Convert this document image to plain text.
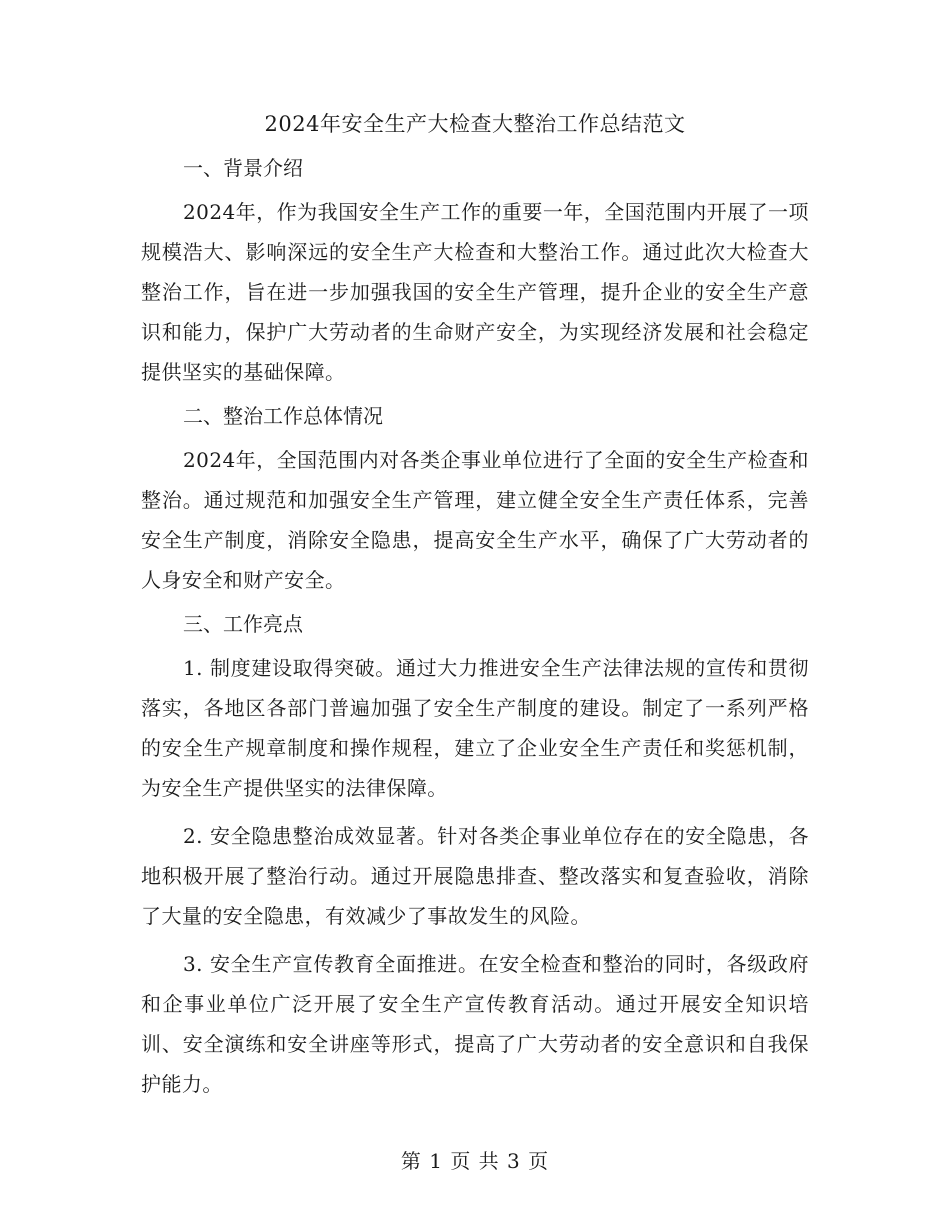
2024年安全生产大检查大整治工作总结范文
一、背景介绍

2024年，作为我国安全生产工作的重要一年，全国范围内开展了一项规模浩大、影响深远的安全生产大检查和大整治工作。通过此次大检查大整治工作，旨在进一步加强我国的安全生产管理，提升企业的安全生产意识和能力，保护广大劳动者的生命财产安全，为实现经济发展和社会稳定提供坚实的基础保障。

二、整治工作总体情况

2024年，全国范围内对各类企事业单位进行了全面的安全生产检查和整治。通过规范和加强安全生产管理，建立健全安全生产责任体系，完善安全生产制度，消除安全隐患，提高安全生产水平，确保了广大劳动者的人身安全和财产安全。

三、工作亮点

1. 制度建设取得突破。通过大力推进安全生产法律法规的宣传和贯彻落实，各地区各部门普遍加强了安全生产制度的建设。制定了一系列严格的安全生产规章制度和操作规程，建立了企业安全生产责任和奖惩机制，为安全生产提供坚实的法律保障。

2. 安全隐患整治成效显著。针对各类企事业单位存在的安全隐患，各地积极开展了整治行动。通过开展隐患排查、整改落实和复查验收，消除了大量的安全隐患，有效减少了事故发生的风险。

3. 安全生产宣传教育全面推进。在安全检查和整治的同时，各级政府和企事业单位广泛开展了安全生产宣传教育活动。通过开展安全知识培训、安全演练和安全讲座等形式，提高了广大劳动者的安全意识和自我保护能力。

第 1 页 共 3 页
